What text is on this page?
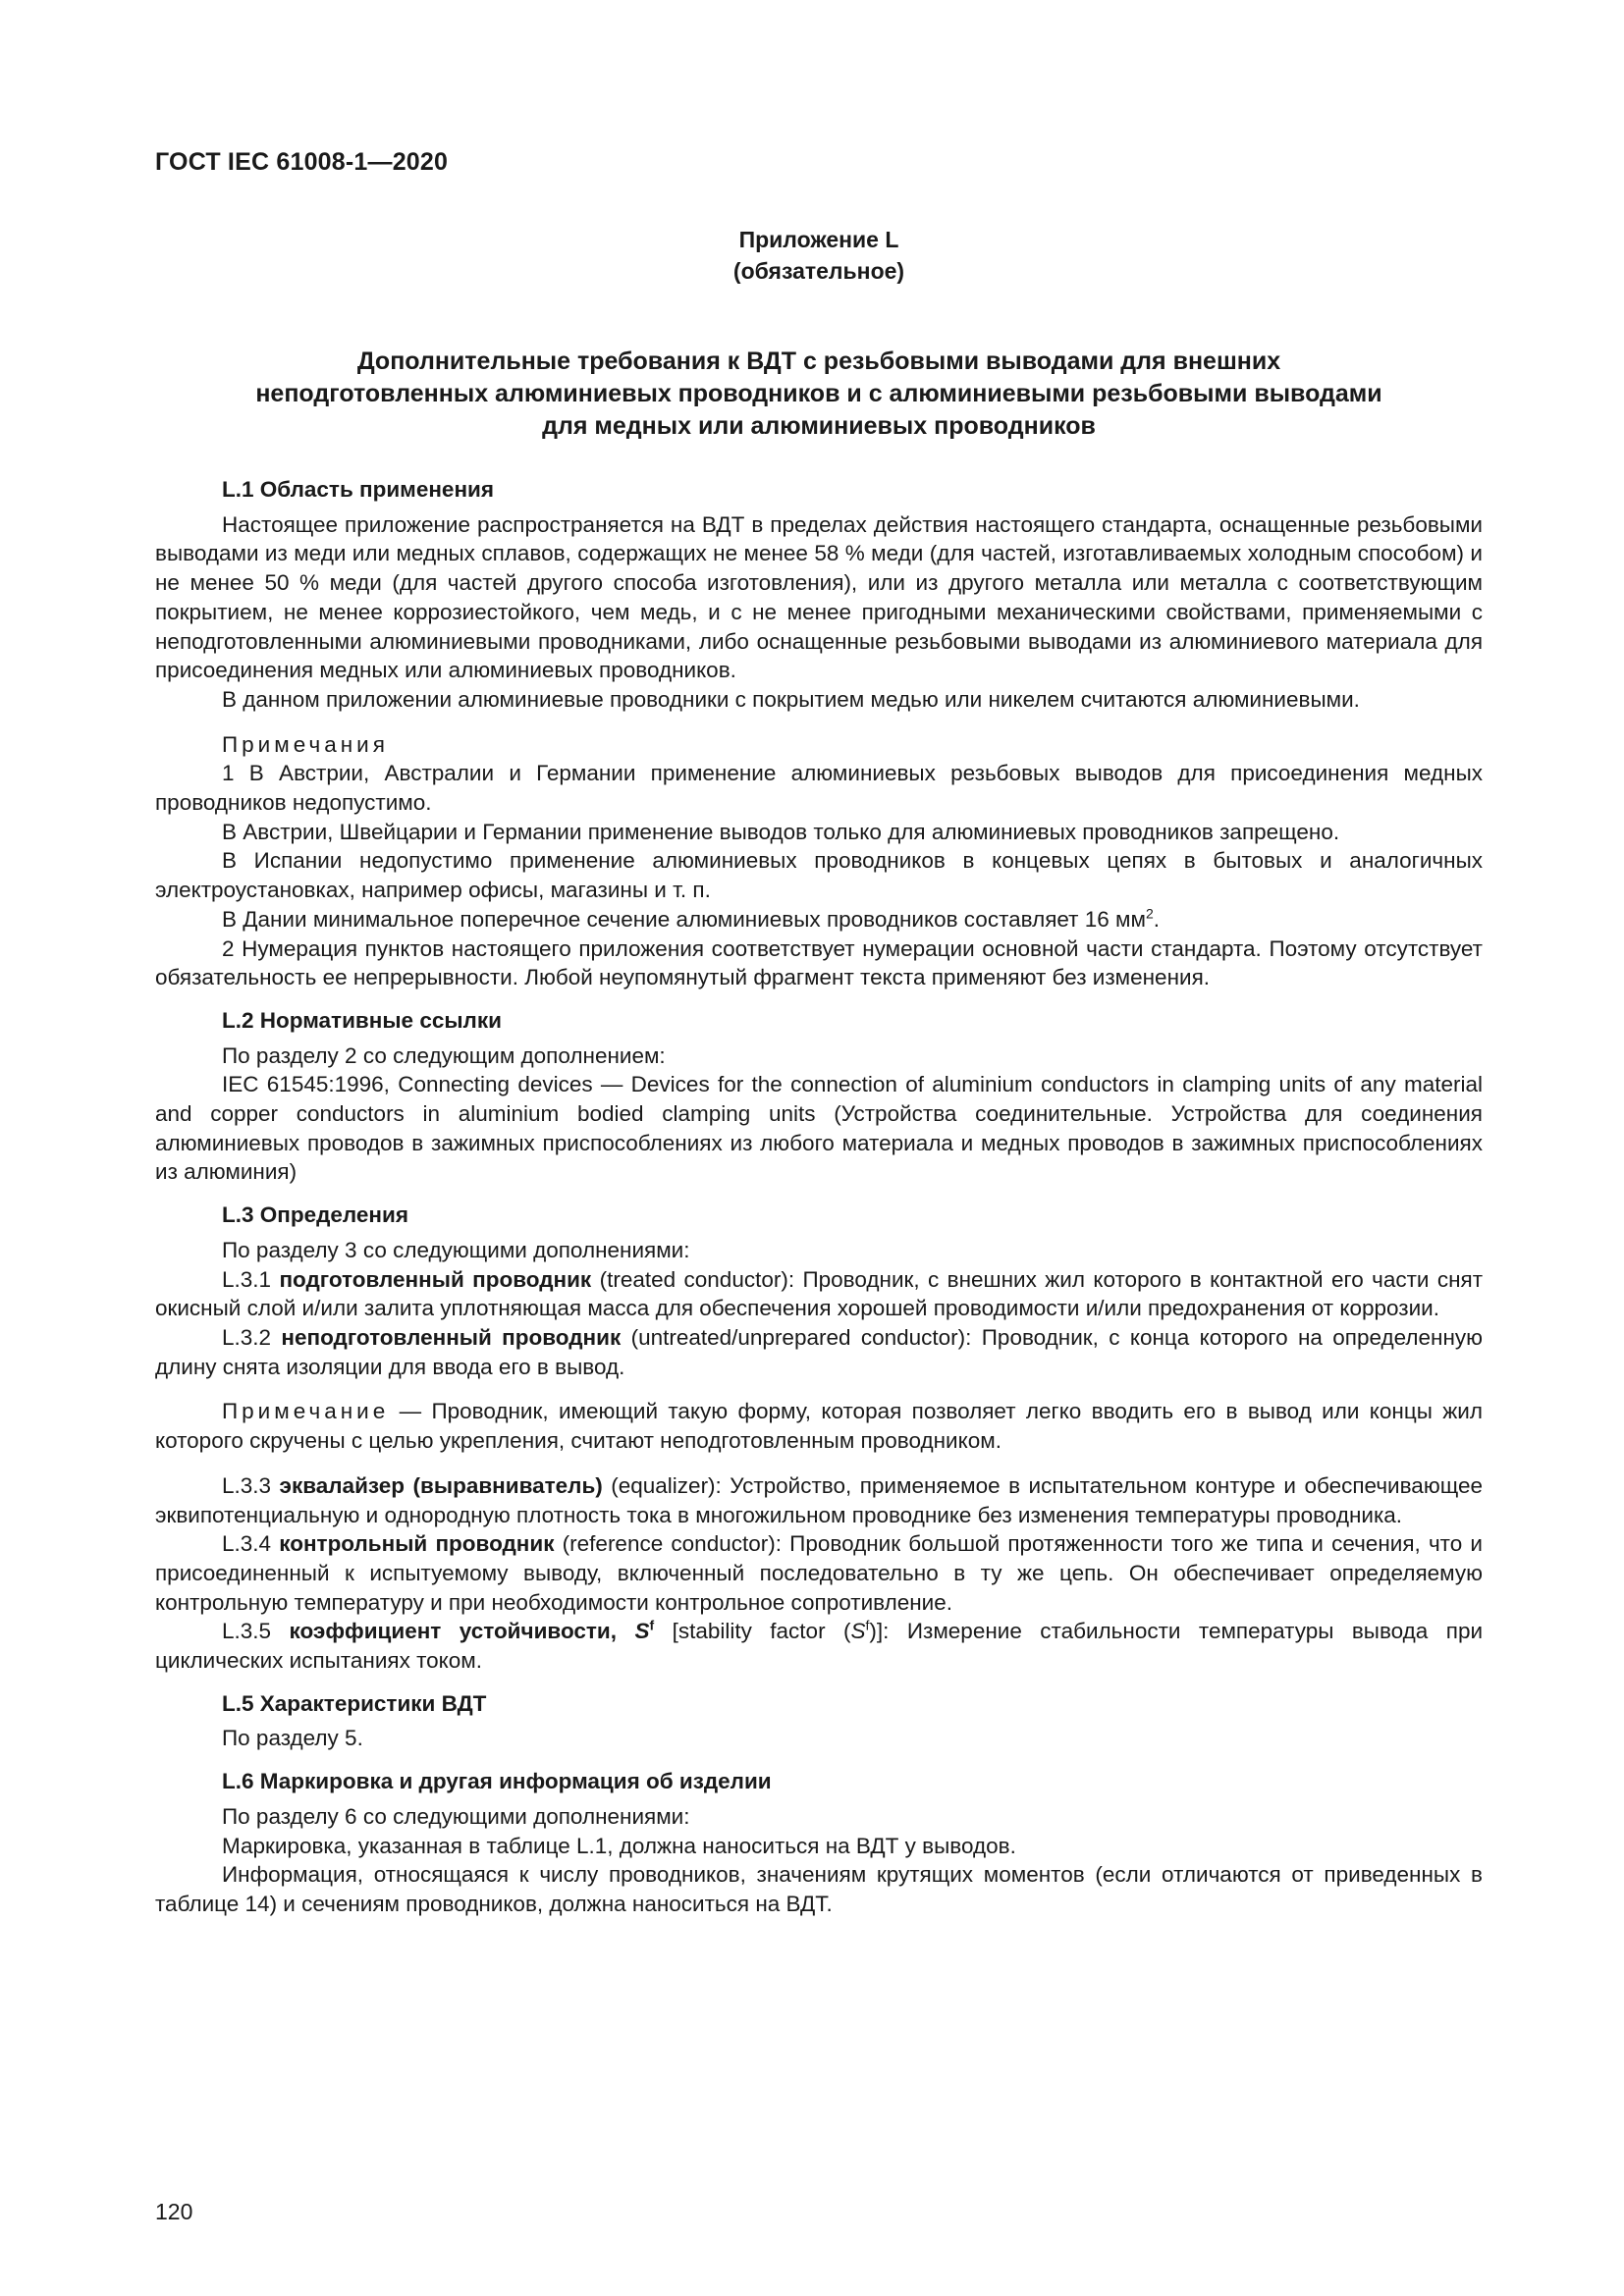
ГОСТ IEC 61008-1—2020
Приложение L
(обязательное)
Дополнительные требования к ВДТ с резьбовыми выводами для внешних
неподготовленных алюминиевых проводников и с алюминиевыми резьбовыми выводами
для медных или алюминиевых проводников
L.1 Область применения

Настоящее приложение распространяется на ВДТ в пределах действия настоящего стандарта, оснащенные резьбовыми выводами из меди или медных сплавов, содержащих не менее 58 % меди (для частей, изготавливаемых холодным способом) и не менее 50 % меди (для частей другого способа изготовления), или из другого металла или металла с соответствующим покрытием, не менее коррозиестойкого, чем медь, и с не менее пригодными механическими свойствами, применяемыми с неподготовленными алюминиевыми проводниками, либо оснащенные резьбовыми выводами из алюминиевого материала для присоединения медных или алюминиевых проводников.

В данном приложении алюминиевые проводники с покрытием медью или никелем считаются алюминиевыми.

Примечания

1 В Австрии, Австралии и Германии применение алюминиевых резьбовых выводов для присоединения медных проводников недопустимо.

В Австрии, Швейцарии и Германии применение выводов только для алюминиевых проводников запрещено.

В Испании недопустимо применение алюминиевых проводников в концевых цепях в бытовых и аналогичных электроустановках, например офисы, магазины и т. п.

В Дании минимальное поперечное сечение алюминиевых проводников составляет 16 $мм^2$.

2 Нумерация пунктов настоящего приложения соответствует нумерации основной части стандарта. Поэтому отсутствует обязательность ее непрерывности. Любой неупомянутый фрагмент текста применяют без изменения.

L.2 Нормативные ссылки

По разделу 2 со следующим дополнением:

IEC 61545:1996, Connecting devices — Devices for the connection of aluminium conductors in clamping units of any material and copper conductors in aluminium bodied clamping units (Устройства соединительные. Устройства для соединения алюминиевых проводов в зажимных приспособлениях из любого материала и медных проводов в зажимных приспособлениях из алюминия)

L.3 Определения

По разделу 3 со следующими дополнениями:

L.3.1 подготовленный проводник (treated conductor): Проводник, с внешних жил которого в контактной его части снят окисный слой и/или залита уплотняющая масса для обеспечения хорошей проводимости и/или предохранения от коррозии.

L.3.2 неподготовленный проводник (untreated/unprepared conductor): Проводник, с конца которого на определенную длину снята изоляции для ввода его в вывод.

Примечание — Проводник, имеющий такую форму, которая позволяет легко вводить его в вывод или концы жил которого скручены с целью укрепления, считают неподготовленным проводником.

L.3.3 эквалайзер (выравниватель) (equalizer): Устройство, применяемое в испытательном контуре и обеспечивающее эквипотенциальную и однородную плотность тока в многожильном проводнике без изменения температуры проводника.

L.3.4 контрольный проводник (reference conductor): Проводник большой протяженности того же типа и сечения, что и присоединенный к испытуемому выводу, включенный последовательно в ту же цепь. Он обеспечивает определяемую контрольную температуру и при необходимости контрольное сопротивление.

L.3.5 коэффициент устойчивости, $S^f$ [stability factor $(S^f)$]: Измерение стабильности температуры вывода при циклических испытаниях током.

L.5 Характеристики ВДТ

По разделу 5.

L.6 Маркировка и другая информация об изделии

По разделу 6 со следующими дополнениями:

Маркировка, указанная в таблице L.1, должна наноситься на ВДТ у выводов.

Информация, относящаяся к числу проводников, значениям крутящих моментов (если отличаются от приведенных в таблице 14) и сечениям проводников, должна наноситься на ВДТ.

120
